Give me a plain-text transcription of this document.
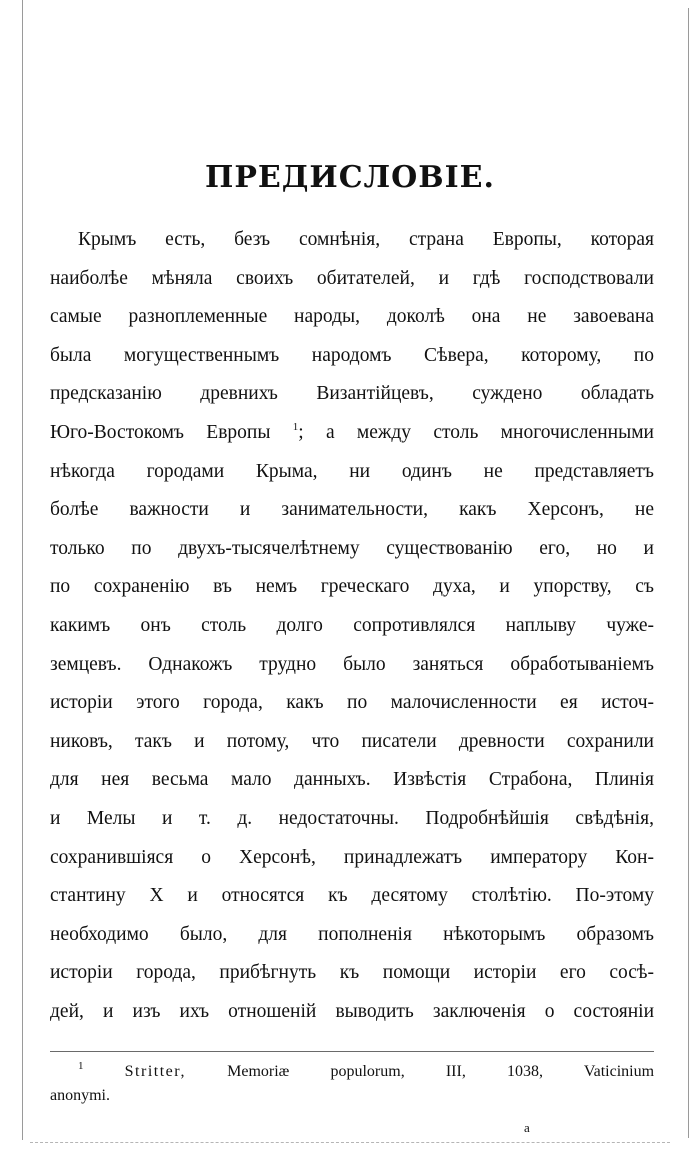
ПРЕДИСЛОВІЕ.
Крымъ есть, безъ сомнѣнія, страна Европы, которая
наиболѣе мѣняла своихъ обитателей, и гдѣ господствовали
самые разноплеменные народы, доколѣ она не завоевана
была могущественнымъ народомъ Сѣвера, которому, по
предсказанію древнихъ Византійцевъ, суждено обладать
Юго-Востокомъ Европы $^1$; а между столь многочисленными
нѣкогда городами Крыма, ни одинъ не представляетъ
болѣе важности и занимательности, какъ Херсонъ, не
только по двухъ-тысячелѣтнему существованію его, но и
по сохраненію въ немъ греческаго духа, и упорству, съ
какимъ онъ столь долго сопротивлялся наплыву чуже-
земцевъ. Однакожъ трудно было заняться обработываніемъ
исторіи этого города, какъ по малочисленности ея источ-
никовъ, такъ и потому, что писатели древности сохранили
для нея весьма мало данныхъ. Извѣстія Страбона, Плинія
и Мелы и т. д. недостаточны. Подробнѣйшія свѣдѣнія,
сохранившіяся о Херсонѣ, принадлежатъ императору Кон-
стантину X и относятся къ десятому столѣтію. По-этому
необходимо было, для пополненія нѣкоторымъ образомъ
исторіи города, прибѣгнуть къ помощи исторіи его сосѣ-
дей, и изъ ихъ отношеній выводить заключенія о состояніи
$^1$	Stritter,	Memoriæ populorum, III, 1038, Vaticinium
anonymi.
a
